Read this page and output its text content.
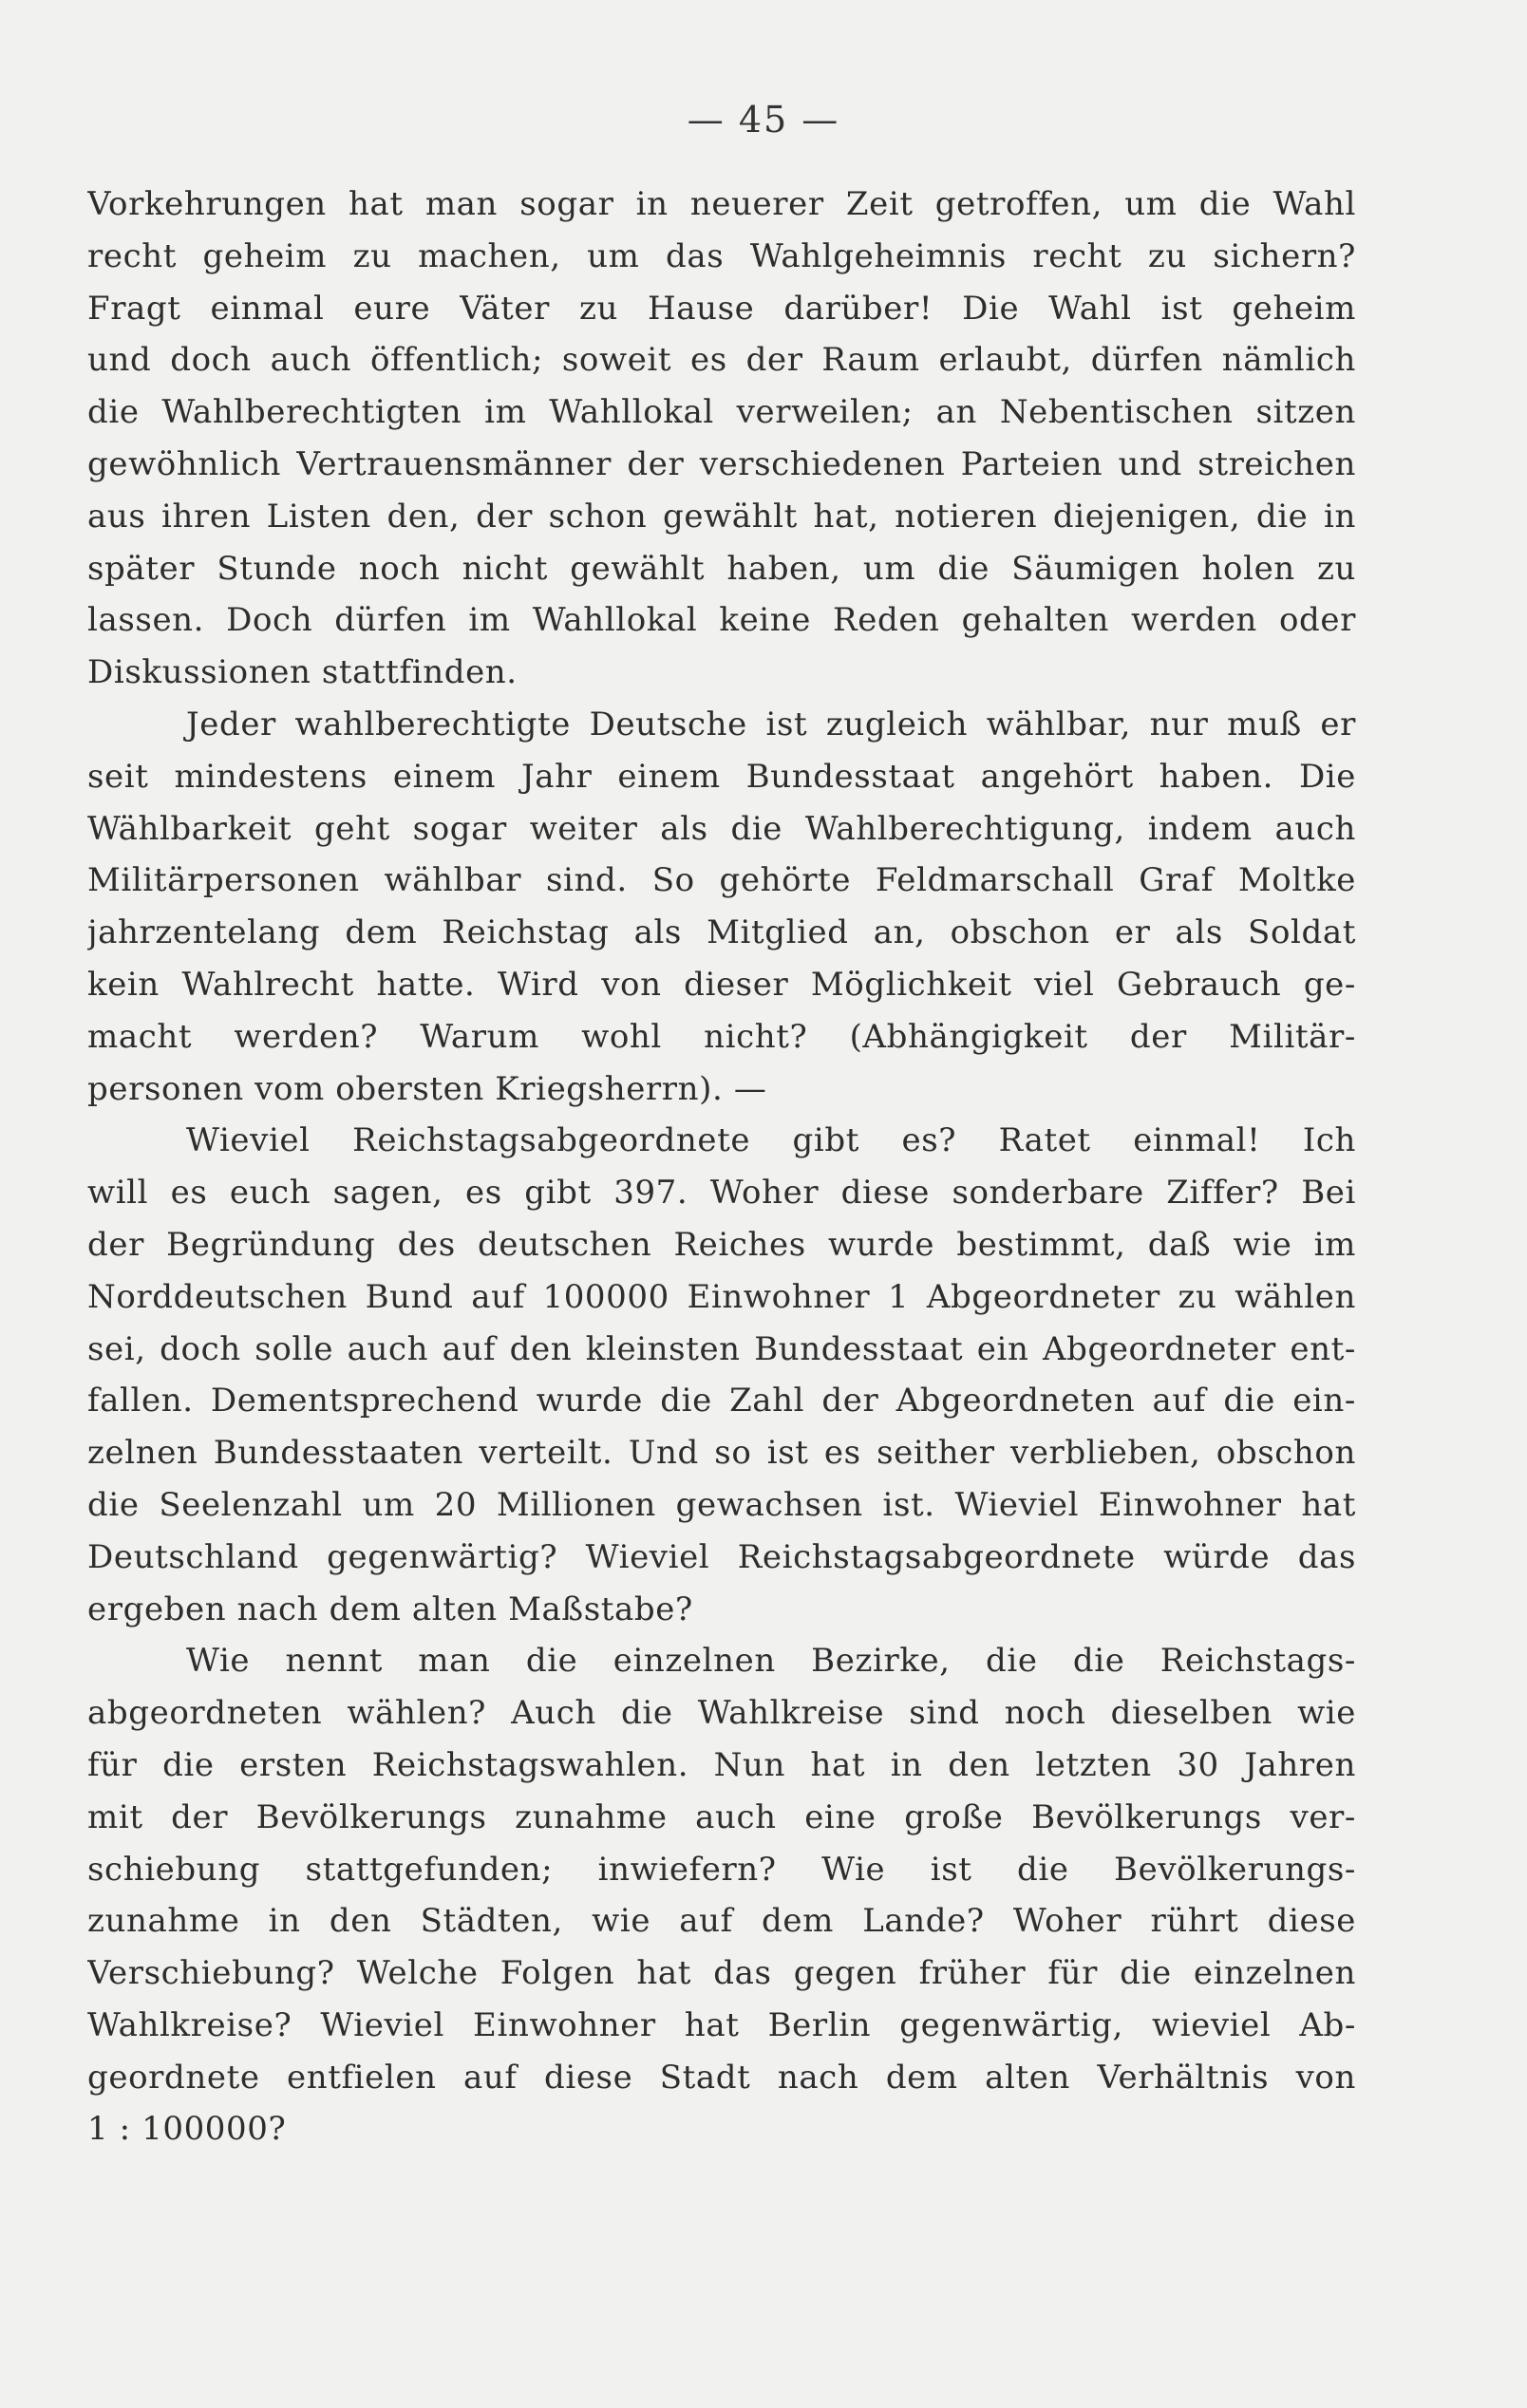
— 45 —
Vorkehrungen hat man sogar in neuerer Zeit getroffen, um die Wahl
recht geheim zu machen, um das Wahlgeheimnis recht zu sichern?
Fragt einmal eure Väter zu Hause darüber! Die Wahl ist geheim
und doch auch öffentlich; soweit es der Raum erlaubt, dürfen nämlich
die Wahlberechtigten im Wahllokal verweilen; an Nebentischen sitzen
gewöhnlich Vertrauensmänner der verschiedenen Parteien und streichen
aus ihren Listen den, der schon gewählt hat, notieren diejenigen, die in
später Stunde noch nicht gewählt haben, um die Säumigen holen zu
lassen. Doch dürfen im Wahllokal keine Reden gehalten werden oder
Diskussionen stattfinden.
Jeder wahlberechtigte Deutsche ist zugleich wählbar, nur muß er
seit mindestens einem Jahr einem Bundesstaat angehört haben. Die
Wählbarkeit geht sogar weiter als die Wahlberechtigung, indem auch
Militärpersonen wählbar sind. So gehörte Feldmarschall Graf Moltke
jahrzentelang dem Reichstag als Mitglied an, obschon er als Soldat
kein Wahlrecht hatte. Wird von dieser Möglichkeit viel Gebrauch ge-
macht werden? Warum wohl nicht? (Abhängigkeit der Militär-
personen vom obersten Kriegsherrn). —
Wieviel Reichstagsabgeordnete gibt es? Ratet einmal! Ich
will es euch sagen, es gibt 397. Woher diese sonderbare Ziffer? Bei
der Begründung des deutschen Reiches wurde bestimmt, daß wie im
Norddeutschen Bund auf 100000 Einwohner 1 Abgeordneter zu wählen
sei, doch solle auch auf den kleinsten Bundesstaat ein Abgeordneter ent-
fallen. Dementsprechend wurde die Zahl der Abgeordneten auf die ein-
zelnen Bundesstaaten verteilt. Und so ist es seither verblieben, obschon
die Seelenzahl um 20 Millionen gewachsen ist. Wieviel Einwohner hat
Deutschland gegenwärtig? Wieviel Reichstagsabgeordnete würde das
ergeben nach dem alten Maßstabe?
Wie nennt man die einzelnen Bezirke, die die Reichstags-
abgeordneten wählen? Auch die Wahlkreise sind noch dieselben wie
für die ersten Reichstagswahlen. Nun hat in den letzten 30 Jahren
mit der Bevölkerungs zunahme auch eine große Bevölkerungs ver-
schiebung stattgefunden; inwiefern? Wie ist die Bevölkerungs-
zunahme in den Städten, wie auf dem Lande? Woher rührt diese
Verschiebung? Welche Folgen hat das gegen früher für die einzelnen
Wahlkreise? Wieviel Einwohner hat Berlin gegenwärtig, wieviel Ab-
geordnete entfielen auf diese Stadt nach dem alten Verhältnis von
1 : 100000?
